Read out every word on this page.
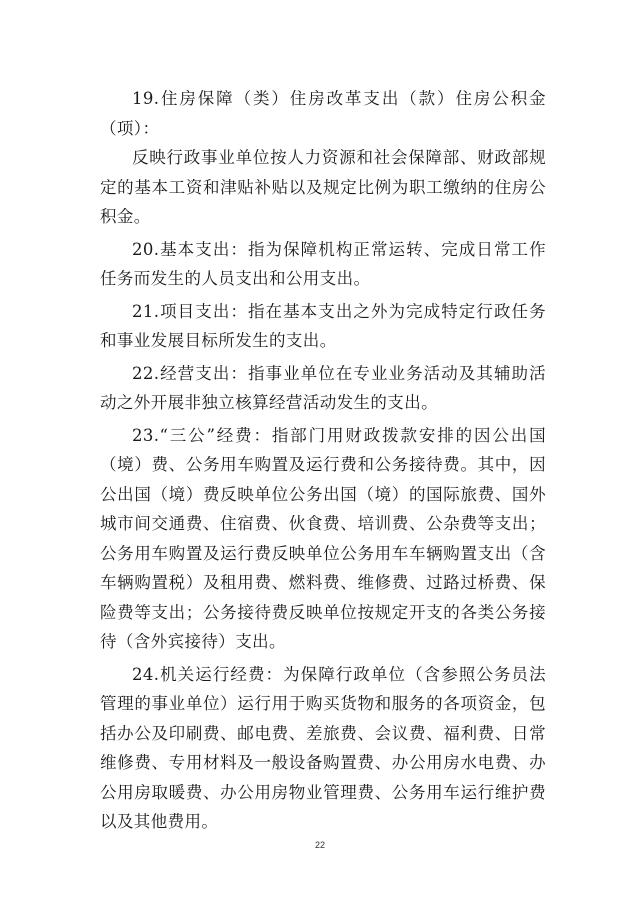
19.住房保障（类）住房改革支出（款）住房公积金（项）：
反映行政事业单位按人力资源和社会保障部、财政部规定的基本工资和津贴补贴以及规定比例为职工缴纳的住房公积金。

20.基本支出：指为保障机构正常运转、完成日常工作任务而发生的人员支出和公用支出。

21.项目支出：指在基本支出之外为完成特定行政任务和事业发展目标所发生的支出。

22.经营支出：指事业单位在专业业务活动及其辅助活动之外开展非独立核算经营活动发生的支出。

23.“三公”经费：指部门用财政拨款安排的因公出国（境）费、公务用车购置及运行费和公务接待费。其中，因公出国（境）费反映单位公务出国（境）的国际旅费、国外城市间交通费、住宿费、伙食费、培训费、公杂费等支出；公务用车购置及运行费反映单位公务用车车辆购置支出（含车辆购置税）及租用费、燃料费、维修费、过路过桥费、保险费等支出；公务接待费反映单位按规定开支的各类公务接待（含外宾接待）支出。

24.机关运行经费：为保障行政单位（含参照公务员法管理的事业单位）运行用于购买货物和服务的各项资金，包括办公及印刷费、邮电费、差旅费、会议费、福利费、日常维修费、专用材料及一般设备购置费、办公用房水电费、办公用房取暖费、办公用房物业管理费、公务用车运行维护费以及其他费用。

22
